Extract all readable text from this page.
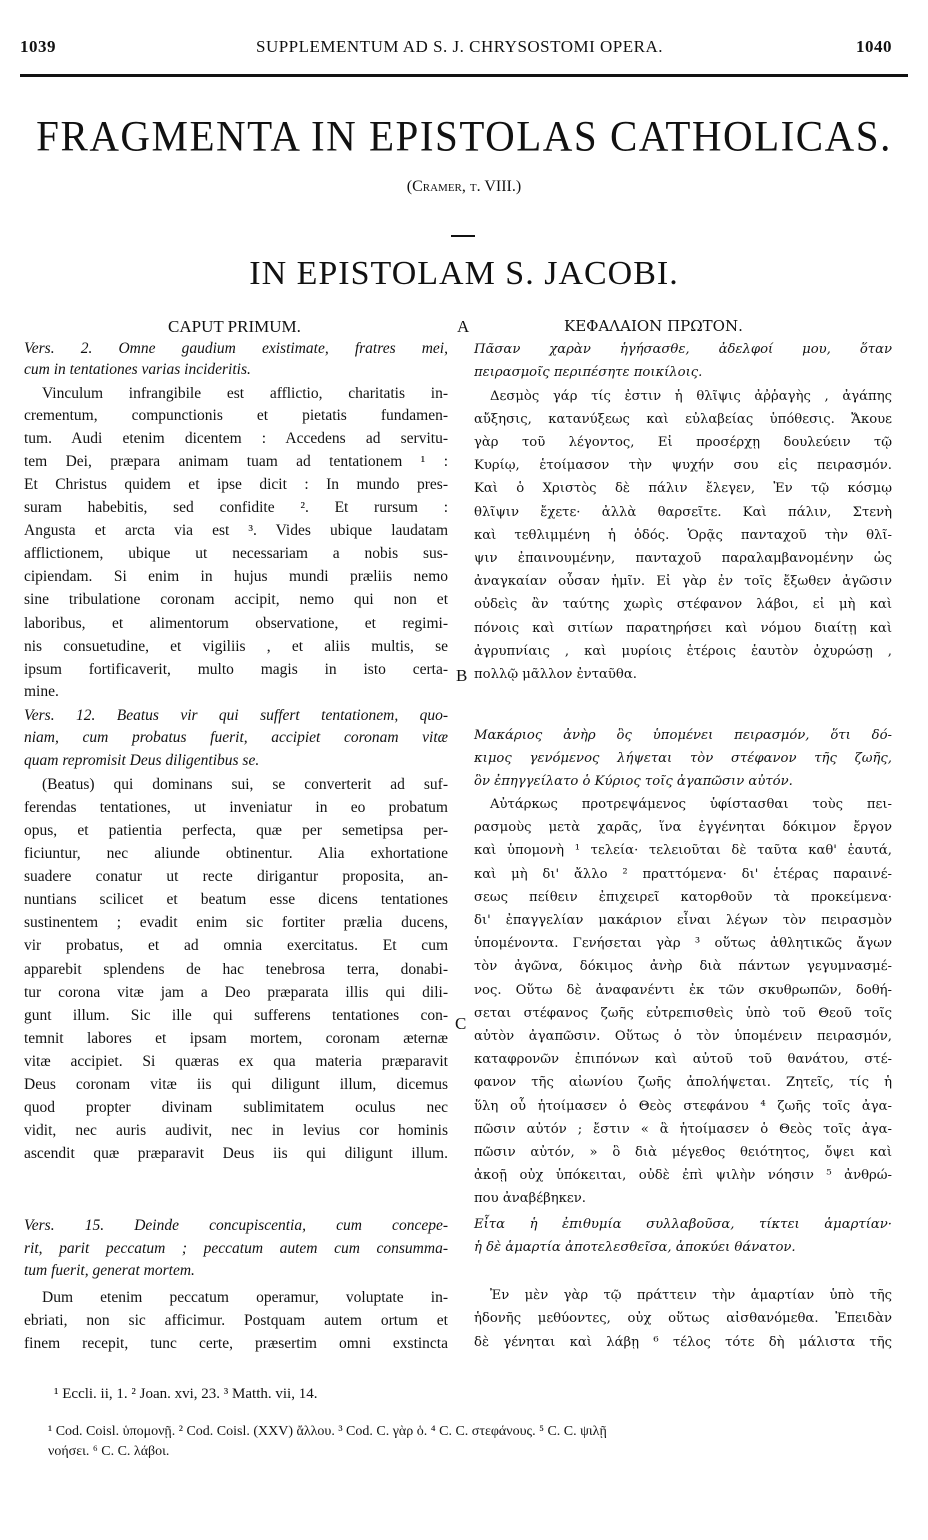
1039	SUPPLEMENTUM AD S. J. CHRYSOSTOMI OPERA.	1040
FRAGMENTA IN EPISTOLAS CATHOLICAS.
(Cramer, t. VIII.)
IN EPISTOLAM S. JACOBI.
CAPUT PRIMUM.	ΚΕΦΑΛΑΙΟΝ ΠΡΩΤΟΝ.
A
B
C
Vers. 2. Omne gaudium existimate, fratres mei,
cum in tentationes varias incideritis.
Vinculum infrangibile est afflictio, charitatis in-
crementum, compunctionis et pietatis fundamen-
tum. Audi etenim dicentem : Accedens ad servitu-
tem Dei, præpara animam tuam ad tentationem ¹ :
Et Christus quidem et ipse dicit : In mundo pres-
suram habebitis, sed confidite ². Et rursum :
Angusta et arcta via est ³. Vides ubique laudatam
afflictionem, ubique ut necessariam a nobis sus-
cipiendam. Si enim in hujus mundi præliis nemo
sine tribulatione coronam accipit, nemo qui non et
laboribus, et alimentorum observatione, et regimi-
nis consuetudine, et vigiliis , et aliis multis, se
ipsum fortificaverit, multo magis in isto certa-
mine.
Vers. 12. Beatus vir qui suffert tentationem, quo-
niam, cum probatus fuerit, accipiet coronam vitæ
quam repromisit Deus diligentibus se.
(Beatus) qui dominans sui, se converterit ad suf-
ferendas tentationes, ut inveniatur in eo probatum
opus, et patientia perfecta, quæ per semetipsa per-
ficiuntur, nec aliunde obtinentur. Alia exhortatione
suadere conatur ut recte dirigantur proposita, an-
nuntians scilicet et beatum esse dicens tentationes
sustinentem ; evadit enim sic fortiter prælia ducens,
vir probatus, et ad omnia exercitatus. Et cum
apparebit splendens de hac tenebrosa terra, donabi-
tur corona vitæ jam a Deo præparata illis qui dili-
gunt illum. Sic ille qui sufferens tentationes con-
temnit labores et ipsam mortem, coronam æternæ
vitæ accipiet. Si quæras ex qua materia præparavit
Deus coronam vitæ iis qui diligunt illum, dicemus
quod propter divinam sublimitatem oculus nec
vidit, nec auris audivit, nec in levius cor hominis
ascendit quæ præparavit Deus iis qui diligunt illum.
Vers. 15. Deinde concupiscentia, cum concepe-
rit, parit peccatum ; peccatum autem cum consumma-
tum fuerit, generat mortem.
Dum etenim peccatum operamur, voluptate in-
ebriati, non sic afficimur. Postquam autem ortum et
finem recepit, tunc certe, præsertim omni exstincta
Πᾶσαν χαρὰν ἡγήσασθε, ἀδελφοί μου, ὅταν
πειρασμοῖς περιπέσητε ποικίλοις.
Δεσμὸς γάρ τίς ἐστιν ἡ θλῖψις ἀῤῥαγὴς , ἀγάπης
αὔξησις, κατανύξεως καὶ εὐλαβείας ὑπόθεσις. Ἄκουε
γὰρ τοῦ λέγοντος, Εἰ προσέρχῃ δουλεύειν τῷ
Κυρίῳ, ἑτοίμασον τὴν ψυχήν σου εἰς πειρασμόν.
Καὶ ὁ Χριστὸς δὲ πάλιν ἔλεγεν, Ἐν τῷ κόσμῳ
θλῖψιν ἔχετε· ἀλλὰ θαρσεῖτε. Καὶ πάλιν, Στενὴ
καὶ τεθλιμμένη ἡ ὁδός. Ὁρᾷς πανταχοῦ τὴν θλῖ-
ψιν ἐπαινουμένην, πανταχοῦ παραλαμβανομένην ὡς
ἀναγκαίαν οὖσαν ἡμῖν. Εἰ γὰρ ἐν τοῖς ἔξωθεν ἀγῶσιν
οὐδεὶς ἂν ταύτης χωρὶς στέφανον λάβοι, εἰ μὴ καὶ
πόνοις καὶ σιτίων παρατηρήσει καὶ νόμου διαίτῃ καὶ
ἀγρυπνίαις , καὶ μυρίοις ἑτέροις ἑαυτὸν ὀχυρώσῃ ,
πολλῷ μᾶλλον ἐνταῦθα.
Μακάριος ἀνὴρ ὃς ὑπομένει πειρασμόν, ὅτι δό-
κιμος γενόμενος λήψεται τὸν στέφανον τῆς ζωῆς,
ὃν ἐπηγγείλατο ὁ Κύριος τοῖς ἀγαπῶσιν αὐτόν.
Αὐτάρκως προτρεψάμενος ὑφίστασθαι τοὺς πει-
ρασμοὺς μετὰ χαρᾶς, ἵνα ἐγγένηται δόκιμον ἔργον
καὶ ὑπομονὴ ¹ τελεία· τελειοῦται δὲ ταῦτα καθ' ἑαυτά,
καὶ μὴ δι' ἄλλο ² πραττόμενα· δι' ἑτέρας παραινέ-
σεως πείθειν ἐπιχειρεῖ κατορθοῦν τὰ προκείμενα·
δι' ἐπαγγελίαν μακάριον εἶναι λέγων τὸν πειρασμὸν
ὑπομένοντα. Γενήσεται γὰρ ³ οὕτως ἀθλητικῶς ἄγων
τὸν ἀγῶνα, δόκιμος ἀνὴρ διὰ πάντων γεγυμνασμέ-
νος. Οὕτω δὲ ἀναφανέντι ἐκ τῶν σκυθρωπῶν, δοθή-
σεται στέφανος ζωῆς εὐτρεπισθεὶς ὑπὸ τοῦ Θεοῦ τοῖς
αὐτὸν ἀγαπῶσιν. Οὕτως ὁ τὸν ὑπομένειν πειρασμόν,
καταφρονῶν ἐπιπόνων καὶ αὐτοῦ τοῦ θανάτου, στέ-
φανον τῆς αἰωνίου ζωῆς ἀπολήψεται. Ζητεῖς, τίς ἡ
ὕλη οὗ ἡτοίμασεν ὁ Θεὸς στεφάνου ⁴ ζωῆς τοῖς ἀγα-
πῶσιν αὐτόν ; ἔστιν « ἃ ἡτοίμασεν ὁ Θεὸς τοῖς ἀγα-
πῶσιν αὐτόν, » ὃ διὰ μέγεθος θειότητος, ὄψει καὶ
ἀκοῇ οὐχ ὑπόκειται, οὐδὲ ἐπὶ ψιλὴν νόησιν ⁵ ἀνθρώ-
που ἀναβέβηκεν.
Εἶτα ἡ ἐπιθυμία συλλαβοῦσα, τίκτει ἁμαρτίαν·
ἡ δὲ ἁμαρτία ἀποτελεσθεῖσα, ἀποκύει θάνατον.
Ἐν μὲν γὰρ τῷ πράττειν τὴν ἁμαρτίαν ὑπὸ τῆς
ἡδονῆς μεθύοντες, οὐχ οὕτως αἰσθανόμεθα. Ἐπειδὰν
δὲ γένηται καὶ λάβῃ ⁶ τέλος τότε δὴ μάλιστα τῆς
¹ Eccli. ii, 1. ² Joan. xvi, 23. ³ Matth. vii, 14.
¹ Cod. Coisl. ὑπομονῇ. ² Cod. Coisl. (XXV) ἄλλου. ³ Cod. C. γὰρ ὁ. ⁴ C. C. στεφάνους. ⁵ C. C. ψιλῇ
νοήσει. ⁶ C. C. λάβοι.
